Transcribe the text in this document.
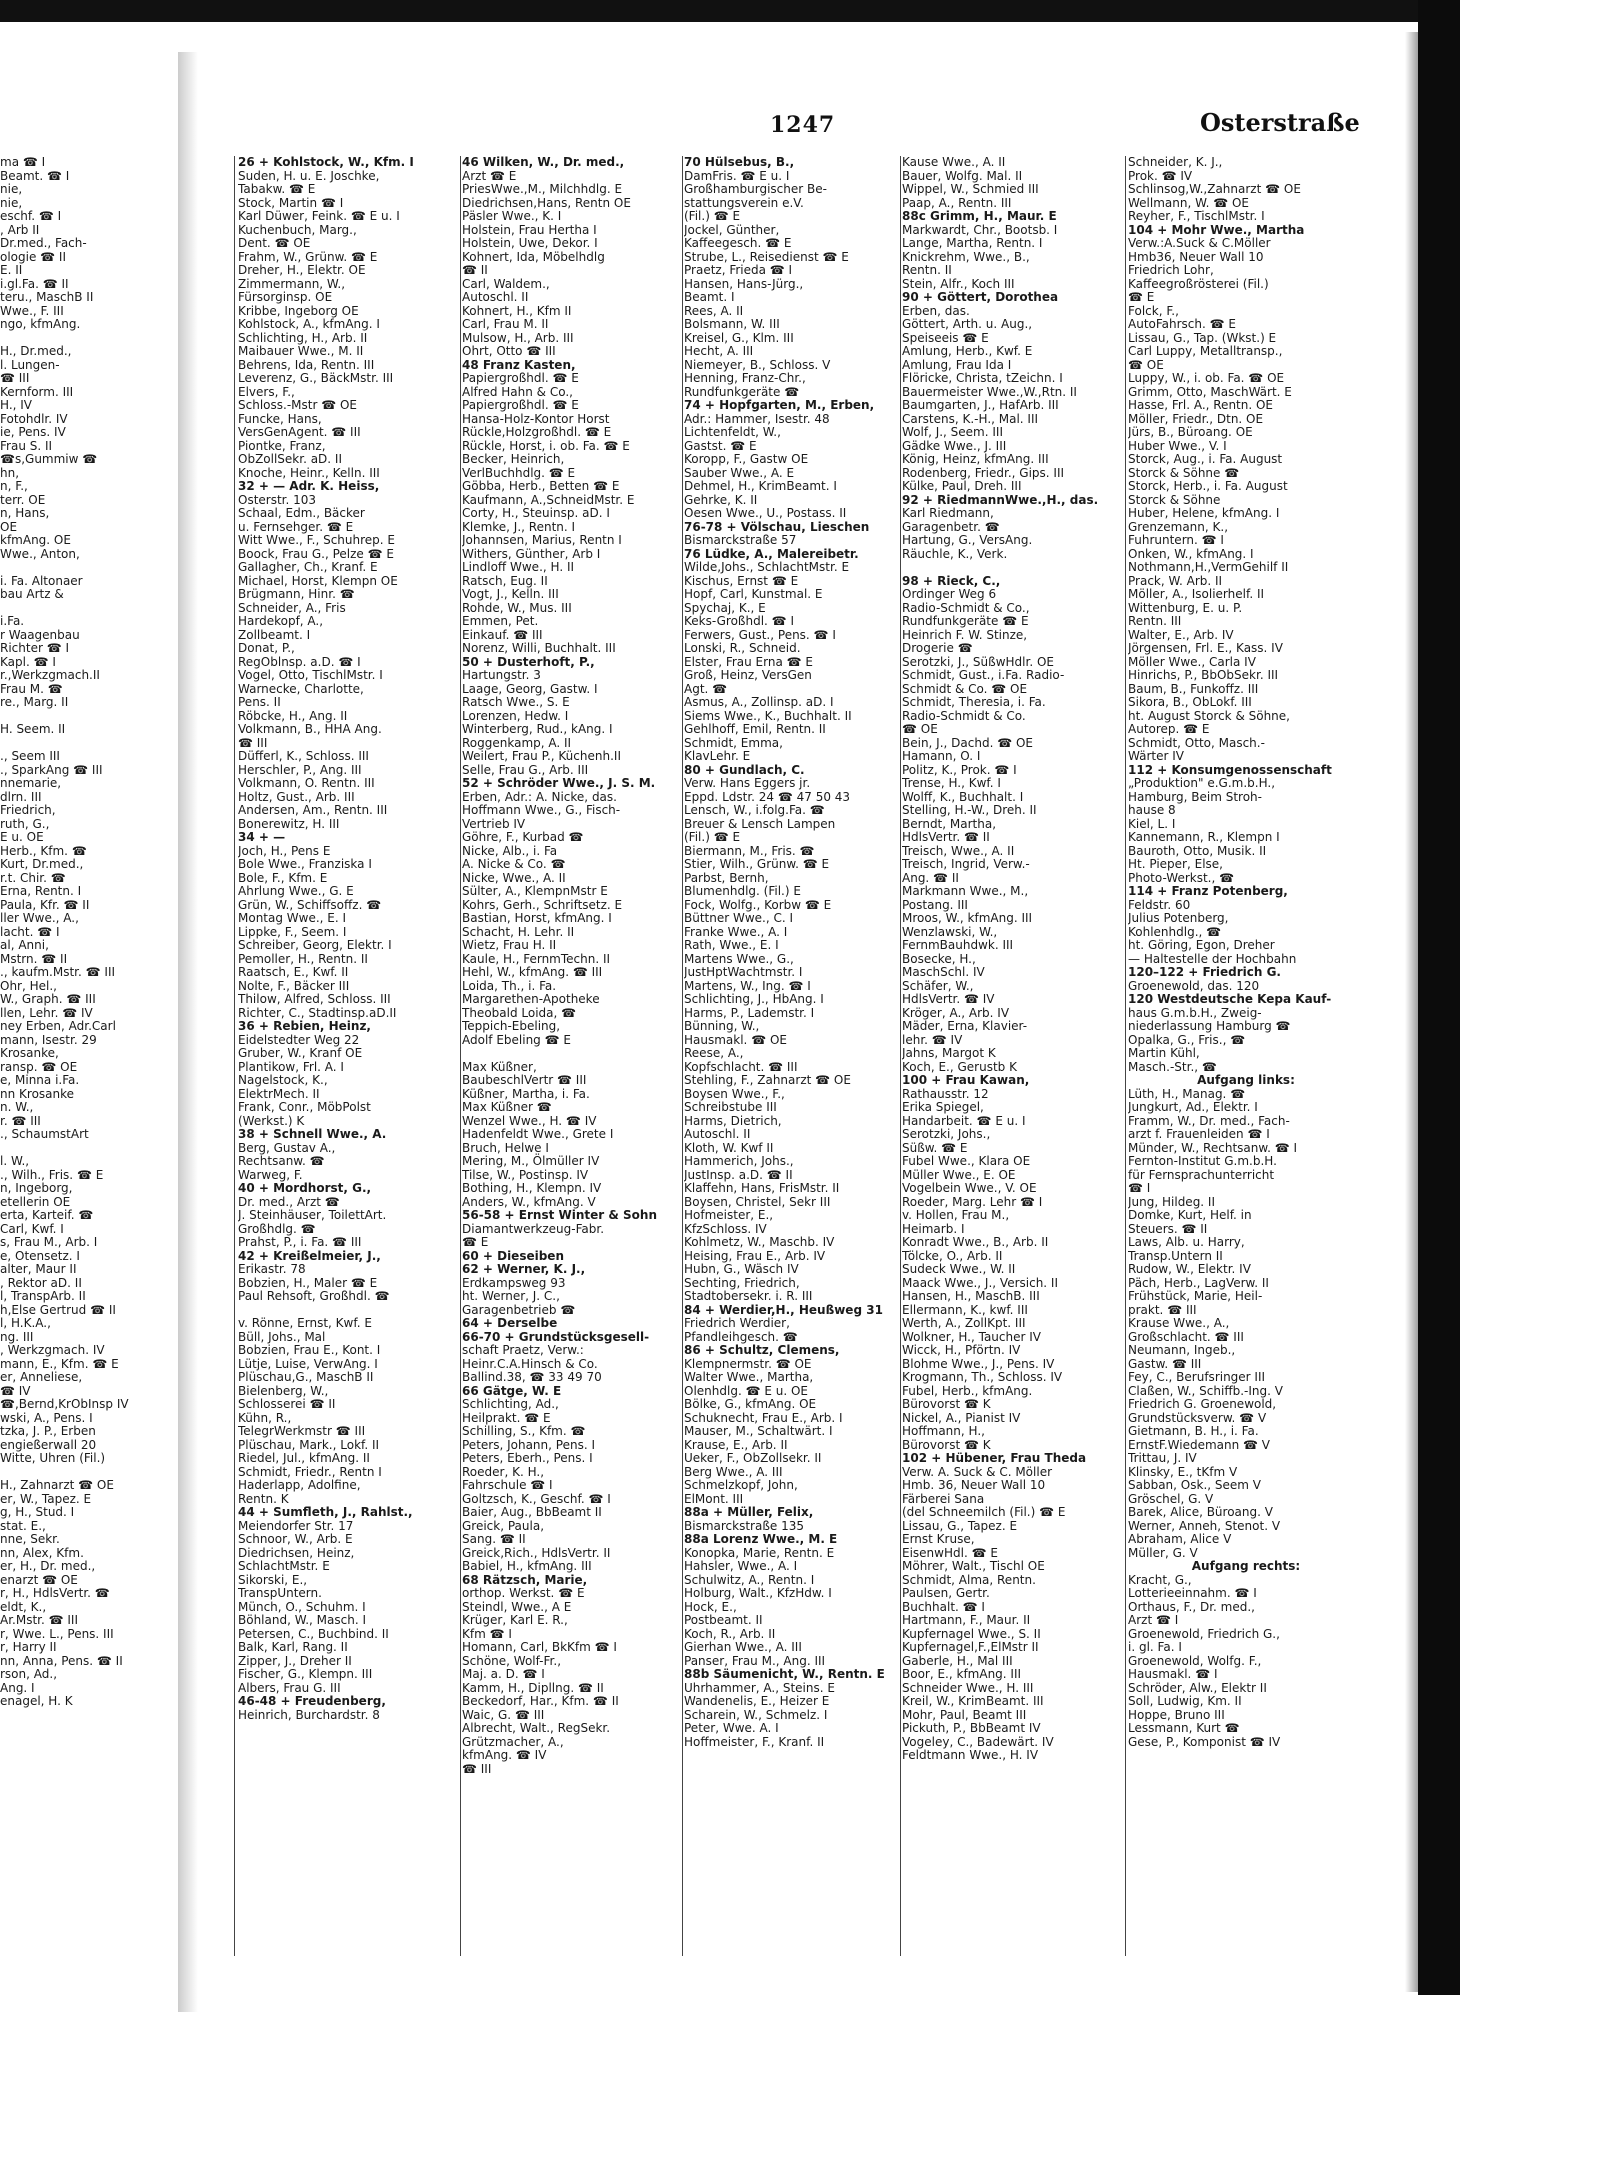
1247	Osterstraße
ma ☎ I
Beamt. ☎ I
nie,
nie,
eschf. ☎ I
, Arb II
Dr.med., Fach-
ologie ☎ II
E. II
i.gl.Fa. ☎ II
teru., MaschB II
Wwe., F. III
ngo, kfmAng.
H., Dr.med.,
l. Lungen-
☎ III
Kernform. III
H., IV
Fotohdlr. IV
ie, Pens. IV
Frau S. II
☎s,Gummiw ☎
hn,
n, F.,
terr. OE
n, Hans,
OE
kfmAng. OE
Wwe., Anton,
i. Fa. Altonaer
bau Artz &
i.Fa.
r Waagenbau
Richter ☎ I
Kapl. ☎ I
r.,Werkzgmach.II
Frau M. ☎
re., Marg. II
H. Seem. II
., Seem III
., SparkAng ☎ III
nnemarie,
dlrn. III
Friedrich,
ruth, G.,
E u. OE
Herb., Kfm. ☎
Kurt, Dr.med.,
r.t. Chir. ☎
Erna, Rentn. I
Paula, Kfr. ☎ II
ller Wwe., A.,
lacht. ☎ I
al, Anni,
Mstrn. ☎ II
., kaufm.Mstr. ☎ III
Ohr, Hel.,
W., Graph. ☎ III
llen, Lehr. ☎ IV
ney Erben, Adr.Carl
mann, Isestr. 29
Krosanke,
ransp. ☎ OE
e, Minna i.Fa.
nn Krosanke
n. W.,
r. ☎ III
., SchaumstArt
l. W.,
., Wilh., Fris. ☎ E
n, Ingeborg,
etellerin OE
erta, Karteif. ☎
Carl, Kwf. I
s, Frau M., Arb. I
e, Otensetz. I
alter, Maur II
, Rektor aD. II
l, TranspArb. II
h,Else Gertrud ☎ II
l, H.K.A.,
ng. III
, Werkzgmach. IV
mann, E., Kfm. ☎ E
er, Anneliese,
☎ IV
☎,Bernd,KrObInsp IV
wski, A., Pens. I
tzka, J. P., Erben
engießerwall 20
Witte, Uhren (Fil.)
H., Zahnarzt ☎ OE
er, W., Tapez. E
g, H., Stud. I
stat. E.,
nne, Sekr.
nn, Alex, Kfm.
er, H., Dr. med.,
enarzt ☎ OE
r, H., HdlsVertr. ☎
eldt, K.,
Ar.Mstr. ☎ III
r, Wwe. L., Pens. III
r, Harry II
nn, Anna, Pens. ☎ II
rson, Ad.,
Ang. I
enagel, H. K
26 + Kohlstock, W., Kfm. I
Suden, H. u. E. Joschke,
Tabakw. ☎ E
Stock, Martin ☎ I
Karl Düwer, Feink. ☎ E u. I
Kuchenbuch, Marg.,
Dent. ☎ OE
Frahm, W., Grünw. ☎ E
Dreher, H., Elektr. OE
Zimmermann, W.,
Fürsorginsp. OE
Kribbe, Ingeborg OE
Kohlstock, A., kfmAng. I
Schlichting, H., Arb. II
Maibauer Wwe., M. II
Behrens, Ida, Rentn. III
Leverenz, G., BäckMstr. III
Elvers, F.,
Schloss.-Mstr ☎ OE
Funcke, Hans,
VersGenAgent. ☎ III
Piontke, Franz,
ObZollSekr. aD. II
Knoche, Heinr., Kelln. III
32 + — Adr. K. Heiss,
Osterstr. 103
Schaal, Edm., Bäcker
u. Fernsehger. ☎ E
Witt Wwe., F., Schuhrep. E
Boock, Frau G., Pelze ☎ E
Gallagher, Ch., Kranf. E
Michael, Horst, Klempn OE
Brügmann, Hinr. ☎
Schneider, A., Fris
Hardekopf, A.,
Zollbeamt. I
Donat, P.,
RegOblnsp. a.D. ☎ I
Vogel, Otto, TischlMstr. I
Warnecke, Charlotte,
Pens. II
Röbcke, H., Ang. II
Volkmann, B., HHA Ang.
☎ III
Düfferl, K., Schloss. III
Herschler, P., Ang. III
Volkmann, O. Rentn. III
Holtz, Gust., Arb. III
Andersen, Am., Rentn. III
Bonerewitz, H. III
34 + —
Joch, H., Pens E
Bole Wwe., Franziska I
Bole, F., Kfm. E
Ahrlung Wwe., G. E
Grün, W., Schiffsoffz. ☎
Montag Wwe., E. I
Lippke, F., Seem. I
Schreiber, Georg, Elektr. I
Pemoller, H., Rentn. II
Raatsch, E., Kwf. II
Nolte, F., Bäcker III
Thilow, Alfred, Schloss. III
Richter, C., Stadtinsp.aD.II
36 + Rebien, Heinz,
Eidelstedter Weg 22
Gruber, W., Kranf OE
Plantikow, Frl. A. I
Nagelstock, K.,
ElektrMech. II
Frank, Conr., MöbPolst
(Werkst.) K
38 + Schnell Wwe., A.
Berg, Gustav A.,
Rechtsanw. ☎
Warweg, F.
40 + Mordhorst, G.,
Dr. med., Arzt ☎
J. Steinhäuser, ToilettArt.
Großhdlg. ☎
Prahst, P., i. Fa. ☎ III
42 + Kreißelmeier, J.,
Erikastr. 78
Bobzien, H., Maler ☎ E
Paul Rehsoft, Großhdl. ☎
v. Rönne, Ernst, Kwf. E
Büll, Johs., Mal
Bobzien, Frau E., Kont. I
Lütje, Luise, VerwAng. I
Plüschau,G., MaschB II
Bielenberg, W.,
Schlosserei ☎ II
Kühn, R.,
TelegrWerkmstr ☎ III
Plüschau, Mark., Lokf. II
Riedel, Jul., kfmAng. II
Schmidt, Friedr., Rentn I
Haderlapp, Adolfine,
Rentn. K
44 + Sumfleth, J., Rahlst.,
Meiendorfer Str. 17
Schnoor, W., Arb. E
Diedrichsen, Heinz,
SchlachtMstr. E
Sikorski, E.,
TranspUntern.
Münch, O., Schuhm. I
Böhland, W., Masch. I
Petersen, C., Buchbind. II
Balk, Karl, Rang. II
Zipper, J., Dreher II
Fischer, G., Klempn. III
Albers, Frau G. III
46-48 + Freudenberg,
Heinrich, Burchardstr. 8
46 Wilken, W., Dr. med.,
Arzt ☎ E
PriesWwe.,M., Milchhdlg. E
Diedrichsen,Hans, Rentn OE
Päsler Wwe., K. I
Holstein, Frau Hertha I
Holstein, Uwe, Dekor. I
Kohnert, Ida, Möbelhdlg
☎ II
Carl, Waldem.,
Autoschl. II
Kohnert, H., Kfm II
Carl, Frau M. II
Mulsow, H., Arb. III
Ohrt, Otto ☎ III
48 Franz Kasten,
Papiergroßhdl. ☎ E
Alfred Hahn & Co.,
Papiergroßhdl. ☎ E
Hansa-Holz-Kontor Horst
Rückle,Holzgroßhdl. ☎ E
Rückle, Horst, i. ob. Fa. ☎ E
Becker, Heinrich,
VerlBuchhdlg. ☎ E
Göbba, Herb., Betten ☎ E
Kaufmann, A.,SchneidMstr. E
Corty, H., Steuinsp. aD. I
Klemke, J., Rentn. I
Johannsen, Marius, Rentn I
Withers, Günther, Arb I
Lindloff Wwe., H. II
Ratsch, Eug. II
Vogt, J., Kelln. III
Rohde, W., Mus. III
Emmen, Pet.
Einkauf. ☎ III
Norenz, Willi, Buchhalt. III
50 + Dusterhoft, P.,
Hartungstr. 3
Laage, Georg, Gastw. I
Ratsch Wwe., S. E
Lorenzen, Hedw. I
Winterberg, Rud., kAng. I
Roggenkamp, A. II
Weilert, Frau P., Küchenh.II
Selle, Frau G., Arb. III
52 + Schröder Wwe., J. S. M.
Erben, Adr.: A. Nicke, das.
Hoffmann Wwe., G., Fisch-
Vertrieb IV
Göhre, F., Kurbad ☎
Nicke, Alb., i. Fa
A. Nicke & Co. ☎
Nicke, Wwe., A. II
Sülter, A., KlempnMstr E
Kohrs, Gerh., Schriftsetz. E
Bastian, Horst, kfmAng. I
Schacht, H. Lehr. II
Wietz, Frau H. II
Kaule, H., FernmTechn. II
Hehl, W., kfmAng. ☎ III
Loida, Th., i. Fa.
Margarethen-Apotheke
Theobald Loida, ☎
Teppich-Ebeling,
Adolf Ebeling ☎ E
Max Küßner,
BaubeschlVertr ☎ III
Küßner, Martha, i. Fa.
Max Küßner ☎
Wenzel Wwe., H. ☎ IV
Hadenfeldt Wwe., Grete I
Bruch, Helwe I
Mering, M., Ölmüller IV
Tilse, W., Postinsp. IV
Bothing, H., Klempn. IV
Anders, W., kfmAng. V
56-58 + Ernst Winter & Sohn
Diamantwerkzeug-Fabr.
☎ E
60 + Dieseiben
62 + Werner, K. J.,
Erdkampsweg 93
ht. Werner, J. C.,
Garagenbetrieb ☎
64 + Derselbe
66-70 + Grundstücksgesell-
schaft Praetz, Verw.:
Heinr.C.A.Hinsch & Co.
Ballind.38, ☎ 33 49 70
66 Gätge, W. E
Schlichting, Ad.,
Heilprakt. ☎ E
Schilling, S., Kfm. ☎
Peters, Johann, Pens. I
Peters, Eberh., Pens. I
Roeder, K. H.,
Fahrschule ☎ I
Goltzsch, K., Geschf. ☎ I
Baier, Aug., BbBeamt II
Greick, Paula,
Sang. ☎ II
Greick,Rich., HdlsVertr. II
Babiel, H., kfmAng. III
68 Rätzsch, Marie,
orthop. Werkst. ☎ E
Steindl, Wwe., A E
Krüger, Karl E. R.,
Kfm ☎ I
Homann, Carl, BkKfm ☎ I
Schöne, Wolf-Fr.,
Maj. a. D. ☎ I
Kamm, H., Dipllng. ☎ II
Beckedorf, Har., Kfm. ☎ II
Waic, G. ☎ III
Albrecht, Walt., RegSekr.
Grützmacher, A.,
kfmAng. ☎ IV
☎ III
70 Hülsebus, B.,
DamFris. ☎ E u. I
Großhamburgischer Be-
stattungsverein e.V.
(Fil.) ☎ E
Jockel, Günther,
Kaffeegesch. ☎ E
Strube, L., Reisedienst ☎ E
Praetz, Frieda ☎ I
Hansen, Hans-Jürg.,
Beamt. I
Rees, A. II
Bolsmann, W. III
Kreisel, G., Klm. III
Hecht, A. III
Niemeyer, B., Schloss. V
Henning, Franz-Chr.,
Rundfunkgeräte ☎
74 + Hopfgarten, M., Erben,
Adr.: Hammer, Isestr. 48
Lichtenfeldt, W.,
Gastst. ☎ E
Koropp, F., Gastw OE
Sauber Wwe., A. E
Dehmel, H., KrimBeamt. I
Gehrke, K. II
Oesen Wwe., U., Postass. II
76-78 + Völschau, Lieschen
Bismarckstraße 57
76 Lüdke, A., Malereibetr.
Wilde,Johs., SchlachtMstr. E
Kischus, Ernst ☎ E
Hopf, Carl, Kunstmal. E
Spychaj, K., E
Keks-Großhdl. ☎ I
Ferwers, Gust., Pens. ☎ I
Lonski, R., Schneid.
Elster, Frau Erna ☎ E
Groß, Heinz, VersGen
Agt. ☎
Asmus, A., Zollinsp. aD. I
Siems Wwe., K., Buchhalt. II
Gehlhoff, Emil, Rentn. II
Schmidt, Emma,
KlavLehr. E
80 + Gundlach, C.
Verw. Hans Eggers jr.
Eppd. Ldstr. 24 ☎ 47 50 43
Lensch, W., i.folg.Fa. ☎
Breuer & Lensch Lampen
(Fil.) ☎ E
Biermann, M., Fris. ☎
Stier, Wilh., Grünw. ☎ E
Parbst, Bernh,
Blumenhdlg. (Fil.) E
Fock, Wolfg., Korbw ☎ E
Büttner Wwe., C. I
Franke Wwe., A. I
Rath, Wwe., E. I
Martens Wwe., G.,
JustHptWachtmstr. I
Martens, W., Ing. ☎ I
Schlichting, J., HbAng. I
Harms, P., Lademstr. I
Bünning, W.,
Hausmakl. ☎ OE
Reese, A.,
Kopfschlacht. ☎ III
Stehling, F., Zahnarzt ☎ OE
Boysen Wwe., F.,
Schreibstube III
Harms, Dietrich,
Autoschl. II
Kloth, W. Kwf II
Hammerich, Johs.,
JustInsp. a.D. ☎ II
Klaffehn, Hans, FrisMstr. II
Boysen, Christel, Sekr III
Hofmeister, E.,
KfzSchloss. IV
Kohlmetz, W., Maschb. IV
Heising, Frau E., Arb. IV
Hubn, G., Wäsch IV
Sechting, Friedrich,
Stadtobersekr. i. R. III
84 + Werdier,H., Heußweg 31
Friedrich Werdier,
Pfandleihgesch. ☎
86 + Schultz, Clemens,
Klempnermstr. ☎ OE
Walter Wwe., Martha,
Olenhdlg. ☎ E u. OE
Bölke, G., kfmAng. OE
Schuknecht, Frau E., Arb. I
Mauser, M., Schaltwärt. I
Krause, E., Arb. II
Ueker, F., ObZollsekr. II
Berg Wwe., A. III
Schmelzkopf, John,
ElMont. III
88a + Müller, Felix,
Bismarckstraße 135
88a Lorenz Wwe., M. E
Konopka, Marie, Rentn. E
Hahsler, Wwe., A. I
Schulwitz, A., Rentn. I
Holburg, Walt., KfzHdw. I
Hock, E.,
Postbeamt. II
Koch, R., Arb. II
Gierhan Wwe., A. III
Panser, Frau M., Ang. III
88b Säumenicht, W., Rentn. E
Uhrhammer, A., Steins. E
Wandenelis, E., Heizer E
Scharein, W., Schmelz. I
Peter, Wwe. A. I
Hoffmeister, F., Kranf. II
Kause Wwe., A. II
Bauer, Wolfg. Mal. II
Wippel, W., Schmied III
Paap, A., Rentn. III
88c Grimm, H., Maur. E
Markwardt, Chr., Bootsb. I
Lange, Martha, Rentn. I
Knickrehm, Wwe., B.,
Rentn. II
Stein, Alfr., Koch III
90 + Göttert, Dorothea
Erben, das.
Göttert, Arth. u. Aug.,
Speiseeis ☎ E
Amlung, Herb., Kwf. E
Amlung, Frau Ida I
Flöricke, Christa, tZeichn. I
Bauermeister Wwe.,W.,Rtn. II
Baumgarten, J., HafArb. III
Carstens, K.-H., Mal. III
Wolf, J., Seem. III
Gädke Wwe., J. III
König, Heinz, kfmAng. III
Rodenberg, Friedr., Gips. III
Külke, Paul, Dreh. III
92 + RiedmannWwe.,H., das.
Karl Riedmann,
Garagenbetr. ☎
Hartung, G., VersAng.
Räuchle, K., Verk.
98 + Rieck, C.,
Ordinger Weg 6
Radio-Schmidt & Co.,
Rundfunkgeräte ☎ E
Heinrich F. W. Stinze,
Drogerie ☎
Serotzki, J., SüßwHdlr. OE
Schmidt, Gust., i.Fa. Radio-
Schmidt & Co. ☎ OE
Schmidt, Theresia, i. Fa.
Radio-Schmidt & Co.
☎ OE
Bein, J., Dachd. ☎ OE
Hamann, O. I
Politz, K., Prok. ☎ I
Trense, H., Kwf. I
Wolff, K., Buchhalt. I
Stelling, H.-W., Dreh. II
Berndt, Martha,
HdlsVertr. ☎ II
Treisch, Wwe., A. II
Treisch, Ingrid, Verw.-
Ang. ☎ II
Markmann Wwe., M.,
Postang. III
Mroos, W., kfmAng. III
Wenzlawski, W.,
FernmBauhdwk. III
Bosecke, H.,
MaschSchl. IV
Schäfer, W.,
HdlsVertr. ☎ IV
Kröger, A., Arb. IV
Mäder, Erna, Klavier-
lehr. ☎ IV
Jahns, Margot K
Koch, E., Gerustb K
100 + Frau Kawan,
Rathausstr. 12
Erika Spiegel,
Handarbeit. ☎ E u. I
Serotzki, Johs.,
Süßw. ☎ E
Fubel Wwe., Klara OE
Müller Wwe., E. OE
Vogelbein Wwe., V. OE
Roeder, Marg. Lehr ☎ I
v. Hollen, Frau M.,
Heimarb. I
Konradt Wwe., B., Arb. II
Tölcke, O., Arb. II
Sudeck Wwe., W. II
Maack Wwe., J., Versich. II
Hansen, H., MaschB. III
Ellermann, K., kwf. III
Werth, A., ZollKpt. III
Wolkner, H., Taucher IV
Wicck, H., Pförtn. IV
Blohme Wwe., J., Pens. IV
Krogmann, Th., Schloss. IV
Fubel, Herb., kfmAng.
Bürovorst ☎ K
Nickel, A., Pianist IV
Hoffmann, H.,
Bürovorst ☎ K
102 + Hübener, Frau Theda
Verw. A. Suck & C. Möller
Hmb. 36, Neuer Wall 10
Färberei Sana
(del Schneemilch (Fil.) ☎ E
Lissau, G., Tapez. E
Ernst Kruse,
EisenwHdl. ☎ E
Möhrer, Walt., Tischl OE
Schmidt, Alma, Rentn.
Paulsen, Gertr.
Buchhalt. ☎ I
Hartmann, F., Maur. II
Kupfernagel Wwe., S. II
Kupfernagel,F.,ElMstr II
Gaberle, H., Mal III
Boor, E., kfmAng. III
Schneider Wwe., H. III
Kreil, W., KrimBeamt. III
Mohr, Paul, Beamt III
Pickuth, P., BbBeamt IV
Vogeley, C., Badewärt. IV
Feldtmann Wwe., H. IV
Schneider, K. J.,
Prok. ☎ IV
Schlinsog,W.,Zahnarzt ☎ OE
Wellmann, W. ☎ OE
Reyher, F., TischlMstr. I
104 + Mohr Wwe., Martha
Verw.:A.Suck & C.Möller
Hmb36, Neuer Wall 10
Friedrich Lohr,
Kaffeegroßrösterei (Fil.)
☎ E
Folck, F.,
AutoFahrsch. ☎ E
Lissau, G., Tap. (Wkst.) E
Carl Luppy, Metalltransp.,
☎ OE
Luppy, W., i. ob. Fa. ☎ OE
Grimm, Otto, MaschWärt. E
Hasse, Frl. A., Rentn. OE
Möller, Friedr., Dtn. OE
Jürs, B., Büroang. OE
Huber Wwe., V. I
Storck, Aug., i. Fa. August
Storck & Söhne ☎
Storck, Herb., i. Fa. August
Storck & Söhne
Huber, Helene, kfmAng. I
Grenzemann, K.,
Fuhruntern. ☎ I
Onken, W., kfmAng. I
Nothmann,H.,VermGehilf II
Prack, W. Arb. II
Möller, A., Isolierhelf. II
Wittenburg, E. u. P.
Rentn. III
Walter, E., Arb. IV
Jörgensen, Frl. E., Kass. IV
Möller Wwe., Carla IV
Hinrichs, P., BbObSekr. III
Baum, B., Funkoffz. III
Sikora, B., ObLokf. III
ht. August Storck & Söhne,
Autorep. ☎ E
Schmidt, Otto, Masch.-
Wärter IV
112 + Konsumgenossenschaft
„Produktion" e.G.m.b.H.,
Hamburg, Beim Stroh-
hause 8
Kiel, L. I
Kannemann, R., Klempn I
Bauroth, Otto, Musik. II
Ht. Pieper, Else,
Photo-Werkst., ☎
114 + Franz Potenberg,
Feldstr. 60
Julius Potenberg,
Kohlenhdlg., ☎
ht. Göring, Egon, Dreher
— Haltestelle der Hochbahn
120–122 + Friedrich G.
Groenewold, das. 120
120 Westdeutsche Kepa Kauf-
haus G.m.b.H., Zweig-
niederlassung Hamburg ☎
Opalka, G., Fris., ☎
Martin Kühl,
Masch.-Str., ☎
Aufgang links:
Lüth, H., Manag. ☎
Jungkurt, Ad., Elektr. I
Framm, W., Dr. med., Fach-
arzt f. Frauenleiden ☎ I
Münder, W., Rechtsanw. ☎ I
Fernton-Institut G.m.b.H.
für Fernsprachunterricht
☎ I
Jung, Hildeg. II
Domke, Kurt, Helf. in
Steuers. ☎ II
Laws, Alb. u. Harry,
Transp.Untern II
Rudow, W., Elektr. IV
Päch, Herb., LagVerw. II
Frühstück, Marie, Heil-
prakt. ☎ III
Krause Wwe., A.,
Großschlacht. ☎ III
Neumann, Ingeb.,
Gastw. ☎ III
Fey, C., Berufsringer III
Claßen, W., Schiffb.-Ing. V
Friedrich G. Groenewold,
Grundstücksverw. ☎ V
Gietmann, B. H., i. Fa.
ErnstF.Wiedemann ☎ V
Trittau, J. IV
Klinsky, E., tKfm V
Sabban, Osk., Seem V
Gröschel, G. V
Barek, Alice, Büroang. V
Werner, Anneh, Stenot. V
Abraham, Alice V
Müller, G. V
Aufgang rechts:
Kracht, G.,
Lotterieeinnahm. ☎ I
Orthaus, F., Dr. med.,
Arzt ☎ I
Groenewold, Friedrich G.,
i. gl. Fa. I
Groenewold, Wolfg. F.,
Hausmakl. ☎ I
Schröder, Alw., Elektr II
Soll, Ludwig, Km. II
Hoppe, Bruno III
Lessmann, Kurt ☎
Gese, P., Komponist ☎ IV
